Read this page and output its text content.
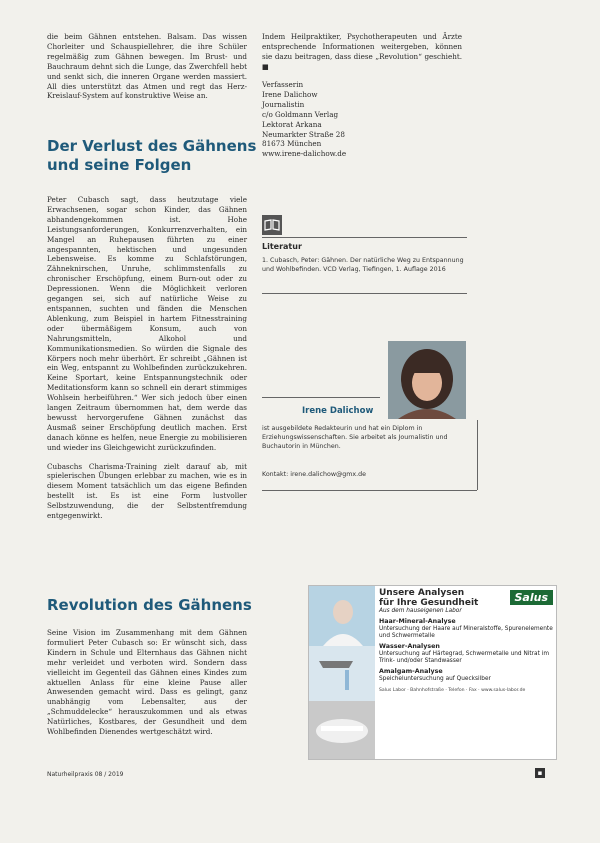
die beim Gähnen entstehen. Balsam. Das wissen Chorleiter und Schauspiellehrer, die ihre Schüler regelmäßig zum Gähnen bewegen. Im Brust- und Bauchraum dehnt sich die Lunge, das Zwerchfell hebt und senkt sich, die inneren Organe werden massiert. All dies unterstützt das Atmen und regt das Herz-Kreislauf-System auf konstruktive Weise an.
Der Verlust des Gähnens
und seine Folgen

Peter Cubasch sagt, dass heutzutage viele Erwachsenen, sogar schon Kinder, das Gähnen abhandengekommen ist. Hohe Leistungsanforderungen, Konkurrenzverhalten, ein Mangel an Ruhepausen führten zu einer angespannten, hektischen und ungesunden Lebensweise. Es komme zu Schlafstörungen, Zähneknirschen, Unruhe, schlimmstenfalls zu chronischer Erschöpfung, einem Burn-out oder zu Depressionen. Wenn die Möglichkeit verloren gegangen sei, sich auf natürliche Weise zu entspannen, suchten und fänden die Menschen Ablenkung, zum Beispiel in hartem Fitnesstraining oder übermäßigem Konsum, auch von Nahrungsmitteln, Alkohol und Kommunikationsmedien. So würden die Signale des Körpers noch mehr überhört. Er schreibt „Gähnen ist ein Weg, entspannt zu Wohlbefinden zurückzukehren. Keine Sportart, keine Entspannungstechnik oder Meditationsform kann so schnell ein derart stimmiges Wohlsein herbeiführen.“ Wer sich jedoch über einen langen Zeitraum übernommen hat, dem werde das bewusst hervorgerufene Gähnen zunächst das Ausmaß seiner Erschöpfung deutlich machen. Erst danach könne es helfen, neue Energie zu mobilisieren und wieder ins Gleichgewicht zurückzufinden.

Cubaschs Charisma-Training zielt darauf ab, mit spielerischen Übungen erlebbar zu machen, wie es in diesem Moment tatsächlich um das eigene Befinden bestellt ist. Es ist eine Form lustvoller Selbstzuwendung, die der Selbstentfremdung entgegenwirkt.

Revolution des Gähnens

Seine Vision im Zusammenhang mit dem Gähnen formuliert Peter Cubasch so: Er wünscht sich, dass Kindern in Schule und Elternhaus das Gähnen nicht mehr verleidet und verboten wird. Sondern dass vielleicht im Gegenteil das Gähnen eines Kindes zum aktuellen Anlass für eine kleine Pause aller Anwesenden gemacht wird. Dass es gelingt, ganz unabhängig vom Lebensalter, aus der „Schmuddelecke“ herauszukommen und als etwas Natürliches, Kostbares, der Gesundheit und dem Wohlbefinden Dienendes wertgeschätzt wird.

Indem Heilpraktiker, Psychotherapeuten und Ärzte entsprechende Informationen weitergeben, können sie dazu beitragen, dass diese „Revolution“ geschieht. ■
Verfasserin
Irene Dalichow
Journalistin
c/o Goldmann Verlag
Lektorat Arkana
Neumarkter Straße 28
81673 München
www.irene-dalichow.de
Literatur
1. Cubasch, Peter: Gähnen. Der natürliche Weg zu Entspannung und Wohlbefinden. VCD Verlag, Tiefingen, 1. Auflage 2016
Irene Dalichow
ist ausgebildete Redakteurin und hat ein Diplom in Erziehungswissenschaften. Sie arbeitet als Journalistin und Buchautorin in München.
Kontakt: irene.dalichow@gmx.de
Salus
Unsere Analysen
für Ihre Gesundheit
Aus dem hauseigenen Labor
Haar-Mineral-Analyse
Untersuchung der Haare auf Mineralstoffe, Spurenelemente und Schwermetalle
Wasser-Analysen
Untersuchung auf Härtegrad, Schwermetalle und Nitrat im Trink- und/oder Standwasser
Amalgam-Analyse
Speicheluntersuchung auf Quecksilber
Salus Labor · Bahnhofstraße · Telefon · Fax · www.salus-labor.de
Naturheilpraxis 08 / 2019	▪
